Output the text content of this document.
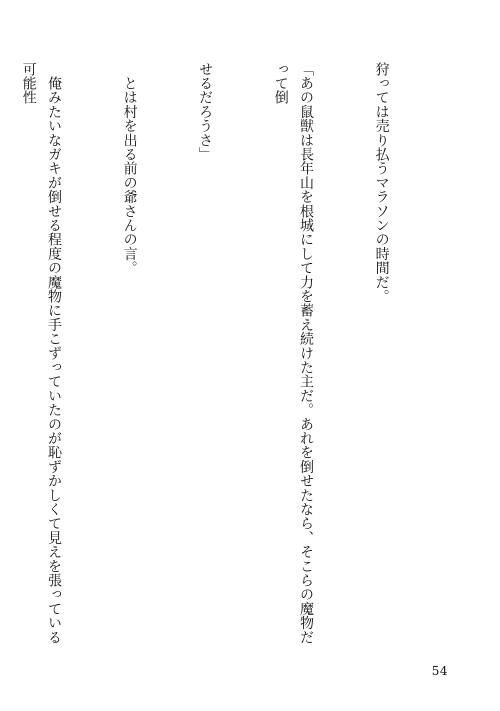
狩っては売り払うマラソンの時間だ。

「あの鼠獣は長年山を根城にして力を蓄え続けた主だ。あれを倒せたなら、そこらの魔物だって倒

せるだろうさ」

　とは村を出る前の爺さんの言。

　俺みたいなガキが倒せる程度の魔物に手こずっていたのが恥ずかしくて見えを張っている可能性

54
